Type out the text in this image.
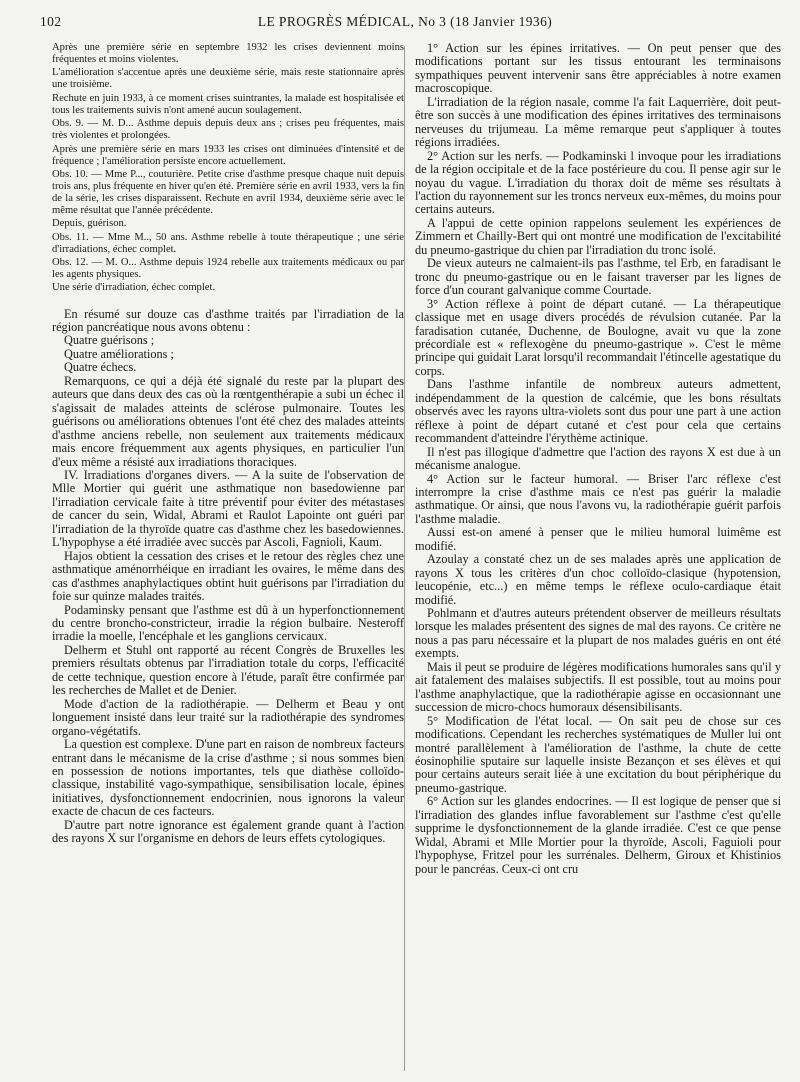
102	LE PROGRÈS MÉDICAL, No 3 (18 Janvier 1936)

Après une première série en septembre 1932 les crises deviennent moins fréquentes et moins violentes.

L'amélioration s'accentue après une deuxième série, mais reste stationnaire après une troisième.

Rechute en juin 1933, à ce moment crises suintrantes, la malade est hospitalisée et tous les traitements suivis n'ont amené aucun soulagement.

Obs. 9. — M. D... Asthme depuis depuis deux ans ; crises peu fréquentes, mais très violentes et prolongées.

Après une première série en mars 1933 les crises ont diminuées d'intensité et de fréquence ; l'amélioration persiste encore actuellement.

Obs. 10. — Mme P..., couturière. Petite crise d'asthme presque chaque nuit depuis trois ans, plus fréquente en hiver qu'en été. Première série en avril 1933, vers la fin de la série, les crises disparaissent. Rechute en avril 1934, deuxième série avec le même résultat que l'année précédente.

Depuis, guérison.

Obs. 11. — Mme M.., 50 ans. Asthme rebelle à toute thérapeutique ; une série d'irradiations, échec complet.

Obs. 12. — M. O... Asthme depuis 1924 rebelle aux traitements médicaux ou par les agents physiques.

Une série d'irradiation, échec complet.

En résumé sur douze cas d'asthme traités par l'irradiation de la région pancréatique nous avons obtenu :

Quatre guérisons ;

Quatre améliorations ;

Quatre échecs.

Remarquons, ce qui a déjà été signalé du reste par la plupart des auteurs que dans deux des cas où la rœntgenthérapie a subi un échec il s'agissait de malades atteints de sclérose pulmonaire. Toutes les guérisons ou améliorations obtenues l'ont été chez des malades atteints d'asthme anciens rebelle, non seulement aux traitements médicaux mais encore fréquemment aux agents physiques, en particulier l'un d'eux même a résisté aux irradiations thoraciques.

IV. Irradiations d'organes divers. — A la suite de l'observation de Mlle Mortier qui guérit une asthmatique non basedowienne par l'irradiation cervicale faite à titre préventif pour éviter des métastases de cancer du sein, Widal, Abrami et Raulot Lapointe ont guéri par l'irradiation de la thyroïde quatre cas d'asthme chez les basedowiennes. L'hypophyse a été irradiée avec succès par Ascoli, Fagnioli, Kaum.

Hajos obtient la cessation des crises et le retour des règles chez une asthmatique aménorrhéique en irradiant les ovaires, le même dans des cas d'asthmes anaphylactiques obtint huit guérisons par l'irradiation du foie sur quinze malades traités.

Podaminsky pensant que l'asthme est dû à un hyperfonctionnement du centre broncho-constricteur, irradie la région bulbaire. Nesteroff irradie la moelle, l'encéphale et les ganglions cervicaux.

Delherm et Stuhl ont rapporté au récent Congrès de Bruxelles les premiers résultats obtenus par l'irradiation totale du corps, l'efficacité de cette technique, question encore à l'étude, paraît être confirmée par les recherches de Mallet et de Denier.

Mode d'action de la radiothérapie. — Delherm et Beau y ont longuement insisté dans leur traité sur la radiothérapie des syndromes organo-végétatifs.

La question est complexe. D'une part en raison de nombreux facteurs entrant dans le mécanisme de la crise d'asthme ; si nous sommes bien en possession de notions importantes, tels que diathèse colloïdo-classique, instabilité vago-sympathique, sensibilisation locale, épines initiatives, dysfonctionnement endocrinien, nous ignorons la valeur exacte de chacun de ces facteurs.

D'autre part notre ignorance est également grande quant à l'action des rayons X sur l'organisme en dehors de leurs effets cytologiques.

1° Action sur les épines irritatives. — On peut penser que des modifications portant sur les tissus entourant les terminaisons sympathiques peuvent intervenir sans être appréciables à notre examen macroscopique.

L'irradiation de la région nasale, comme l'a fait Laquerrière, doit peut-être son succès à une modification des épines irritatives des terminaisons nerveuses du trijumeau. La même remarque peut s'appliquer à toutes régions irradiées.

2° Action sur les nerfs. — Podkaminski l invoque pour les irradiations de la région occipitale et de la face postérieure du cou. Il pense agir sur le noyau du vague. L'irradiation du thorax doit de même ses résultats à l'action du rayonnement sur les troncs nerveux eux-mêmes, du moins pour certains auteurs.

A l'appui de cette opinion rappelons seulement les expériences de Zimmern et Chailly-Bert qui ont montré une modification de l'excitabilité du pneumo-gastrique du chien par l'irradiation du tronc isolé.

De vieux auteurs ne calmaient-ils pas l'asthme, tel Erb, en faradisant le tronc du pneumo-gastrique ou en le faisant traverser par les lignes de force d'un courant galvanique comme Courtade.

3° Action réflexe à point de départ cutané. — La thérapeutique classique met en usage divers procédés de révulsion cutanée. Par la faradisation cutanée, Duchenne, de Boulogne, avait vu que la zone précordiale est « reflexogène du pneumo-gastrique ». C'est le même principe qui guidait Larat lorsqu'il recommandait l'étincelle agestatique du corps.

Dans l'asthme infantile de nombreux auteurs admettent, indépendamment de la question de calcémie, que les bons résultats observés avec les rayons ultra-violets sont dus pour une part à une action réflexe à point de départ cutané et c'est pour cela que certains recommandent d'atteindre l'érythème actinique.

Il n'est pas illogique d'admettre que l'action des rayons X est due à un mécanisme analogue.

4° Action sur le facteur humoral. — Briser l'arc réflexe c'est interrompre la crise d'asthme mais ce n'est pas guérir la maladie asthmatique. Or ainsi, que nous l'avons vu, la radiothérapie guérit parfois l'asthme maladie.

Aussi est-on amené à penser que le milieu humoral luimême est modifié.

Azoulay a constaté chez un de ses malades après une application de rayons X tous les critères d'un choc colloïdo-clasique (hypotension, leucopénie, etc...) en même temps le réflexe oculo-cardiaque était modifié.

Pohlmann et d'autres auteurs prétendent observer de meilleurs résultats lorsque les malades présentent des signes de mal des rayons. Ce critère ne nous a pas paru nécessaire et la plupart de nos malades guéris en ont été exempts.

Mais il peut se produire de légères modifications humorales sans qu'il y ait fatalement des malaises subjectifs. Il est possible, tout au moins pour l'asthme anaphylactique, que la radiothérapie agisse en occasionnant une succession de micro-chocs humoraux désensibilisants.

5° Modification de l'état local. — On sait peu de chose sur ces modifications. Cependant les recherches systématiques de Muller lui ont montré parallèlement à l'amélioration de l'asthme, la chute de cette éosinophilie sputaire sur laquelle insiste Bezançon et ses élèves et qui pour certains auteurs serait liée à une excitation du bout périphérique du pneumo-gastrique.

6° Action sur les glandes endocrines. — Il est logique de penser que si l'irradiation des glandes influe favorablement sur l'asthme c'est qu'elle supprime le dysfonctionnement de la glande irradiée. C'est ce que pense Widal, Abrami et Mlle Mortier pour la thyroïde, Ascoli, Faguioli pour l'hypophyse, Fritzel pour les surrénales. Delherm, Giroux et Khistinios pour le pancréas. Ceux-ci ont cru
